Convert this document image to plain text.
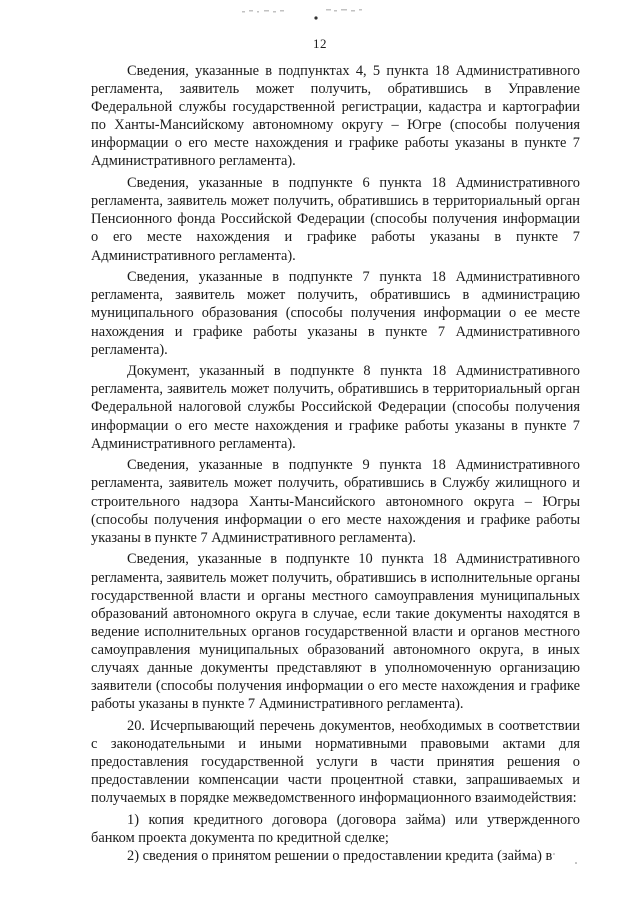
12

Сведения, указанные в подпунктах 4, 5 пункта 18 Административного регламента, заявитель может получить, обратившись в Управление Федеральной службы государственной регистрации, кадастра и картографии по Ханты-Мансийскому автономному округу – Югре (способы получения информации о его месте нахождения и графике работы указаны в пункте 7 Административного регламента).

Сведения, указанные в подпункте 6 пункта 18 Административного регламента, заявитель может получить, обратившись в территориальный орган Пенсионного фонда Российской Федерации (способы получения информации о его месте нахождения и графике работы указаны в пункте 7 Административного регламента).

Сведения, указанные в подпункте 7 пункта 18 Административного регламента, заявитель может получить, обратившись в администрацию муниципального образования (способы получения информации о ее месте нахождения и графике работы указаны в пункте 7 Административного регламента).

Документ, указанный в подпункте 8 пункта 18 Административного регламента, заявитель может получить, обратившись в территориальный орган Федеральной налоговой службы Российской Федерации (способы получения информации о его месте нахождения и графике работы указаны в пункте 7 Административного регламента).

Сведения, указанные в подпункте 9 пункта 18 Административного регламента, заявитель может получить, обратившись в Службу жилищного и строительного надзора Ханты-Мансийского автономного округа – Югры (способы получения информации о его месте нахождения и графике работы указаны в пункте 7 Административного регламента).

Сведения, указанные в подпункте 10 пункта 18 Административного регламента, заявитель может получить, обратившись в исполнительные органы государственной власти и органы местного самоуправления муниципальных образований автономного округа в случае, если такие документы находятся в ведение исполнительных органов государственной власти и органов местного самоуправления муниципальных образований автономного округа, в иных случаях данные документы представляют в уполномоченную организацию заявители (способы получения информации о его месте нахождения и графике работы указаны в пункте 7 Административного регламента).

20. Исчерпывающий перечень документов, необходимых в соответствии с законодательными и иными нормативными правовыми актами для предоставления государственной услуги в части принятия решения о предоставлении компенсации части процентной ставки, запрашиваемых и получаемых в порядке межведомственного информационного взаимодействия:

1) копия кредитного договора (договора займа) или утвержденного банком проекта документа по кредитной сделке;

2) сведения о принятом решении о предоставлении кредита (займа) в
